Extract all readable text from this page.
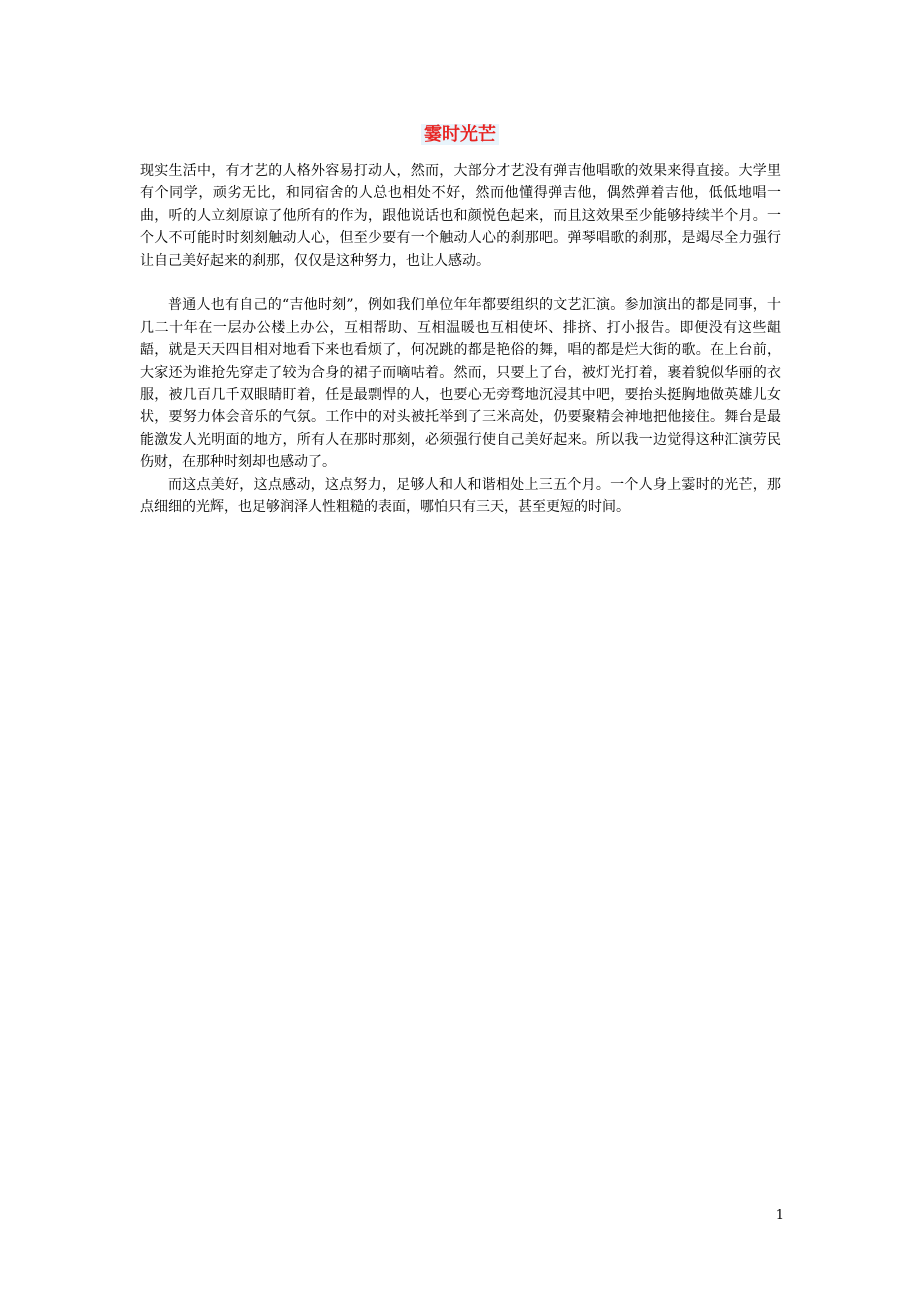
霎时光芒

现实生活中，有才艺的人格外容易打动人，然而，大部分才艺没有弹吉他唱歌的效果来得直接。大学里有个同学，顽劣无比，和同宿舍的人总也相处不好，然而他懂得弹吉他，偶然弹着吉他，低低地唱一曲，听的人立刻原谅了他所有的作为，跟他说话也和颜悦色起来，而且这效果至少能够持续半个月。一个人不可能时时刻刻触动人心，但至少要有一个触动人心的刹那吧。弹琴唱歌的刹那，是竭尽全力强行让自己美好起来的刹那，仅仅是这种努力，也让人感动。

普通人也有自己的“吉他时刻”，例如我们单位年年都要组织的文艺汇演。参加演出的都是同事，十几二十年在一层办公楼上办公，互相帮助、互相温暖也互相使坏、排挤、打小报告。即便没有这些龃龉，就是天天四目相对地看下来也看烦了，何况跳的都是艳俗的舞，唱的都是烂大街的歌。在上台前，大家还为谁抢先穿走了较为合身的裙子而嘀咕着。然而，只要上了台，被灯光打着，裹着貌似华丽的衣服，被几百几千双眼睛盯着，任是最剽悍的人，也要心无旁骛地沉浸其中吧，要抬头挺胸地做英雄儿女状，要努力体会音乐的气氛。工作中的对头被托举到了三米高处，仍要聚精会神地把他接住。舞台是最能激发人光明面的地方，所有人在那时那刻，必须强行使自己美好起来。所以我一边觉得这种汇演劳民伤财，在那种时刻却也感动了。

而这点美好，这点感动，这点努力，足够人和人和谐相处上三五个月。一个人身上霎时的光芒，那点细细的光辉，也足够润泽人性粗糙的表面，哪怕只有三天，甚至更短的时间。

1
